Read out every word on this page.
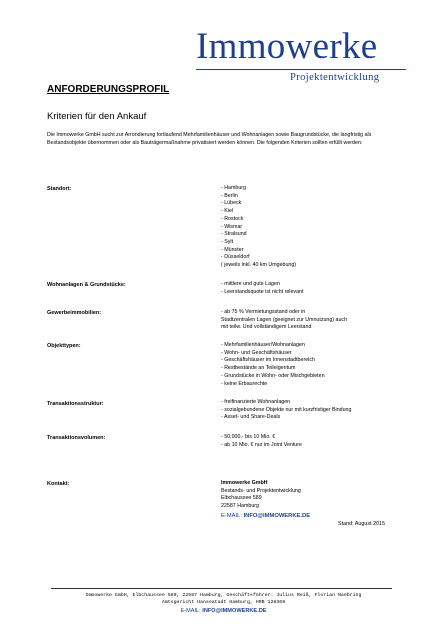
Immowerke
Projektentwicklung
ANFORDERUNGSPROFIL
Kriterien für den Ankauf
Die Immowerke GmbH sucht zur Arrondierung fortlaufend Mehrfamilienhäuser und Wohnanlagen sowie Baugrundstücke, die langfristig als Bestandsobjekte übernommen oder als Bauträgermaßnahme privatisiert werden können. Die folgenden Kriterien sollten erfüllt werden:
Standort:	- Hamburg
- Berlin
- Lübeck
- Kiel
- Rostock
- Wismar
- Stralsund
- Sylt
- Münster
- Düsseldorf
( jeweils inkl. 40 km Umgebung)
Wohnanlagen & Grundstücke:	- mittlere und gute Lagen
- Leerstandsquote ist nicht relevant
Gewerbeimmobilien:	- ab 75 % Vermietungsstand oder in
Stadtzentralen Lagen (geeignet zur Umnutzung) auch
mit teilw. Und vollständigem Leerstand
Objekttypen:	- Mehrfamilienhäuser/Wohnanlagen
- Wohn- und Geschäftshäuser
- Geschäftshäuser im Innenstadtbereich
- Restbestände an Teileigentum
- Grundstücke in Wohn- oder Mischgebieten
- keine Erbaurechte
Transaktionsstruktur:	- freifinanzierte Wohnanlagen
- sozialgebundene Objekte nur mit kurzfristiger Bindung
- Asset- und Share-Deals
Transaktionsvolumen:	- 50.000,- bis 10 Mio. €
- ab 10 Mio. € nur im Joint Venture
Kontakt:	Immowerke GmbH
Bestands- und Projektentwicklung
Elbchaussee 589
22587 Hamburg
E-MAIL: INFO@IMMOWERKE.DE
Stand: August 2015
Immowerke GmbH, Elbchaussee 589, 22587 Hamburg, Geschäftsführer: Julius Reiß, Florian Naebring
Amtsgericht Hanseatadt Hamburg, HRB 128369
E-MAIL: INFO@IMMOWERKE.DE
